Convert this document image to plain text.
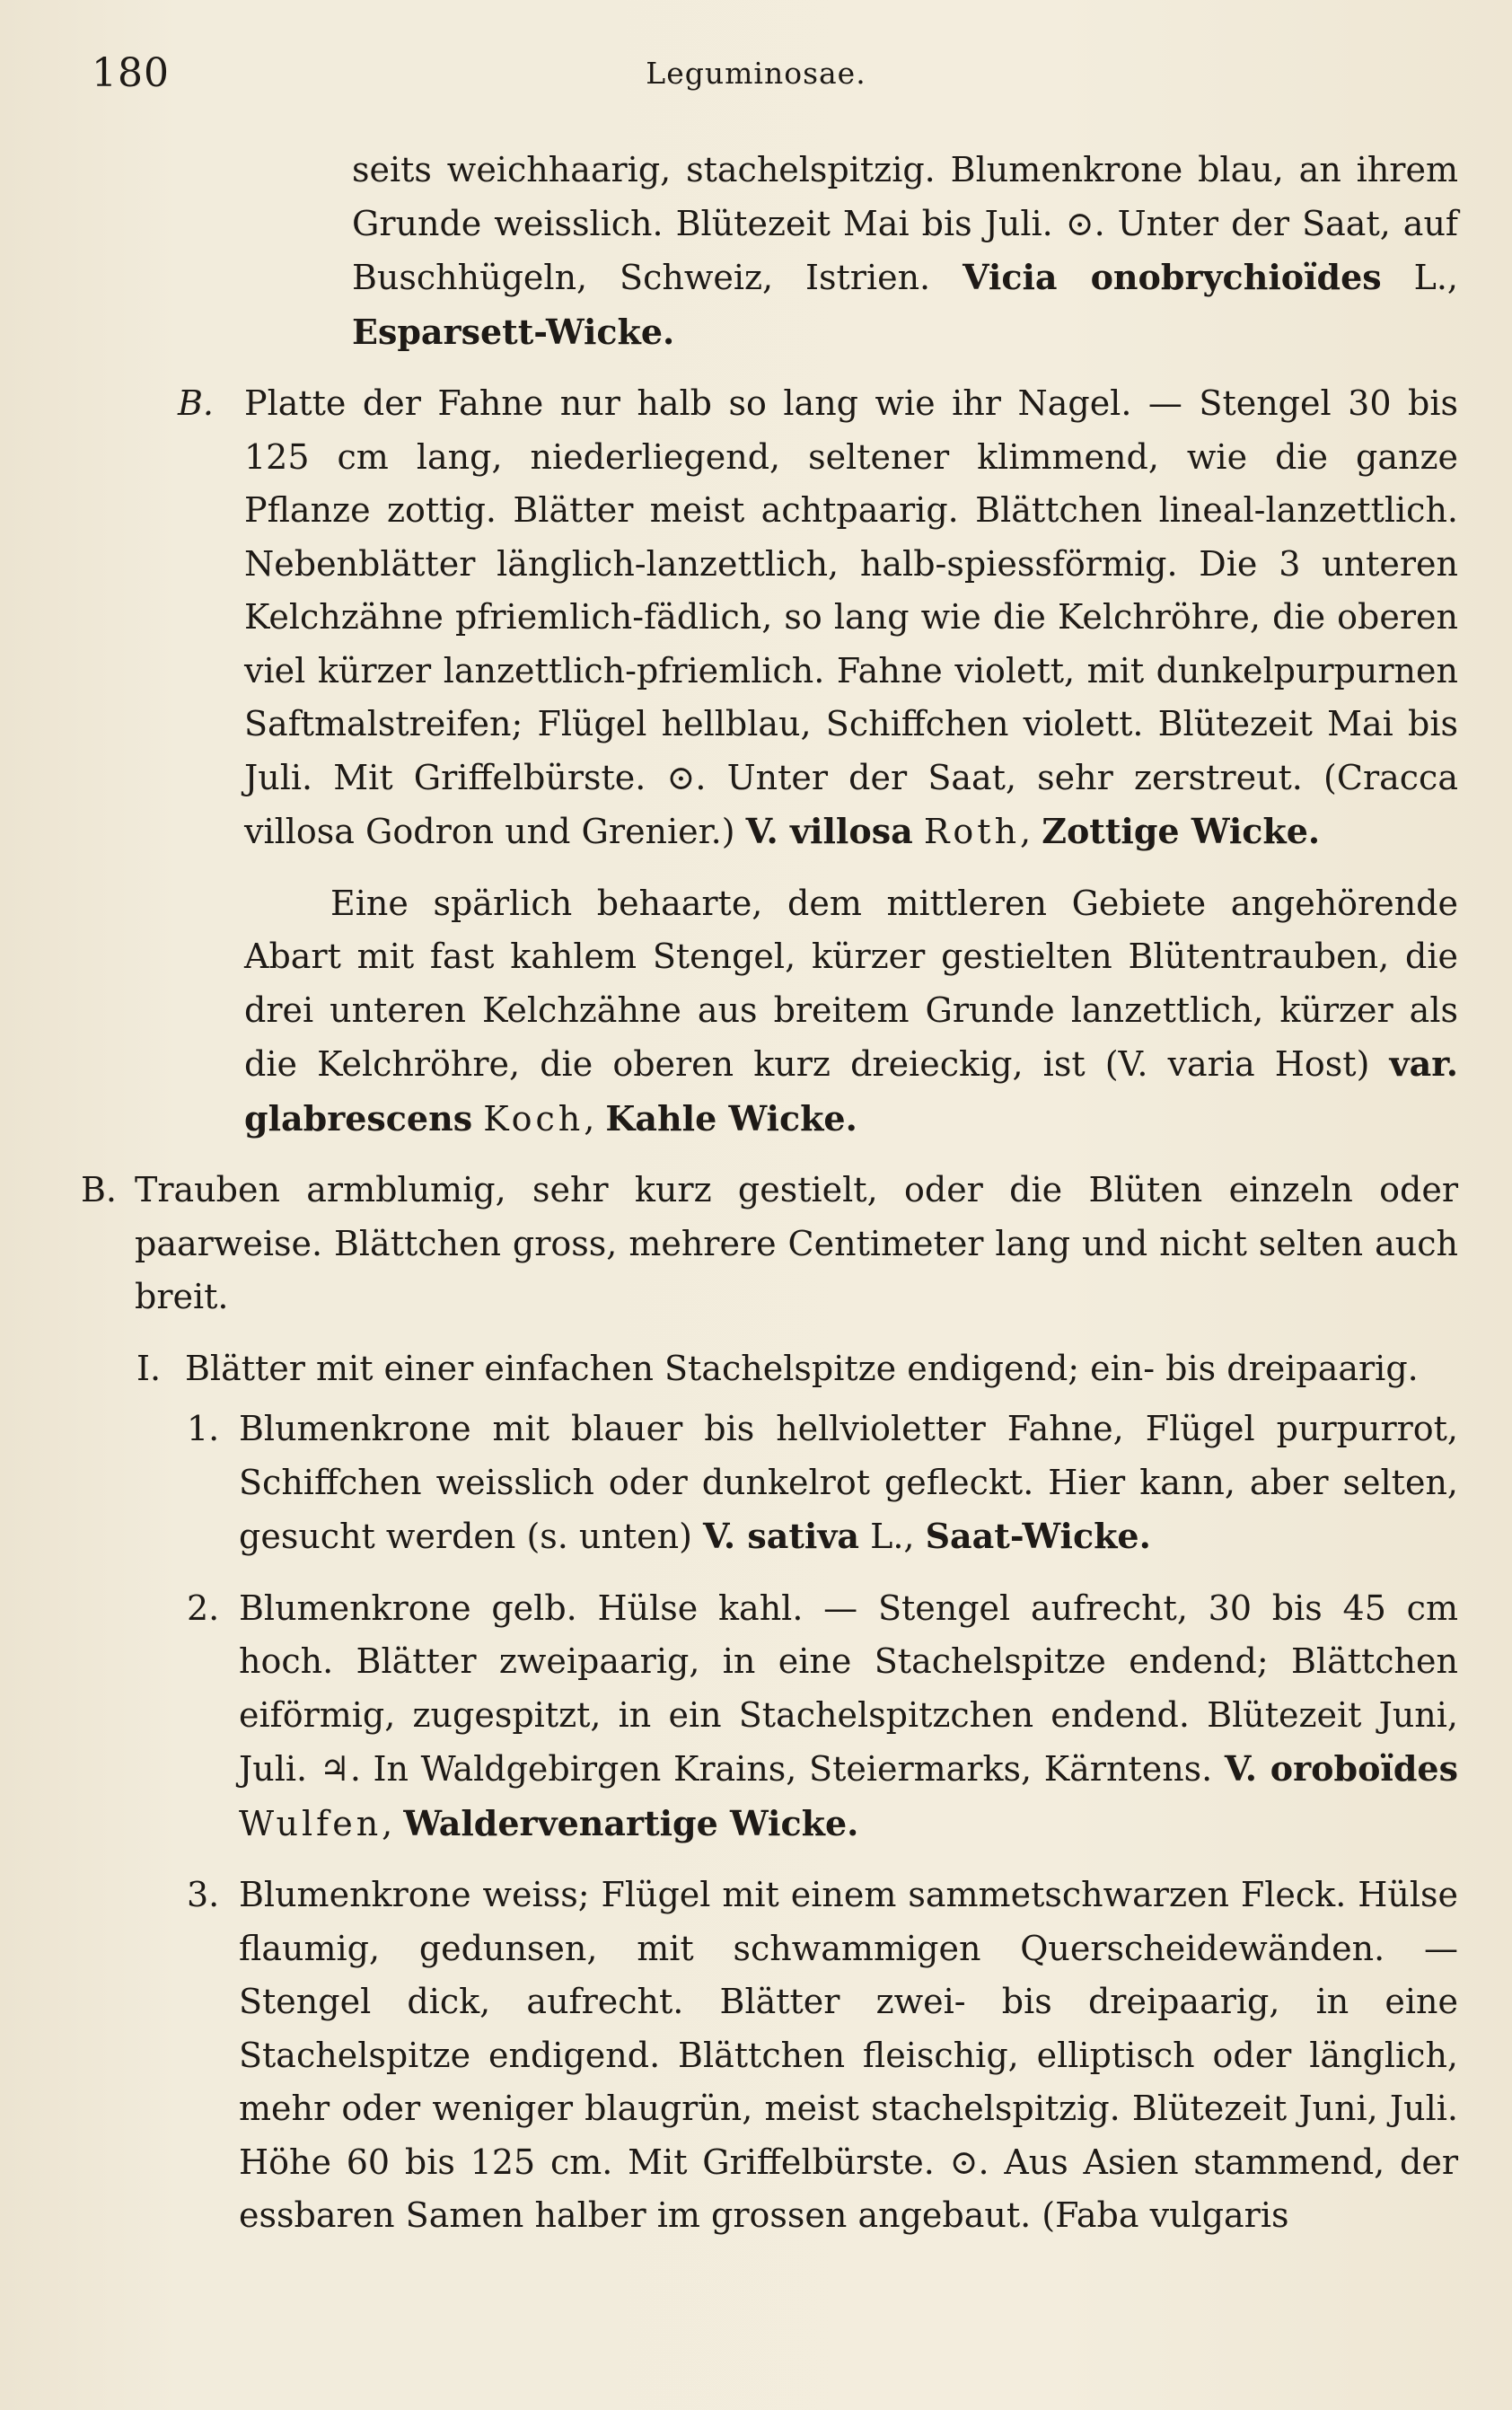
180	Leguminosae.

seits weichhaarig, stachelspitzig. Blumenkrone blau, an ihrem Grunde weisslich. Blütezeit Mai bis Juli. ⊙. Unter der Saat, auf Buschhügeln, Schweiz, Istrien. Vicia onobrychioïdes L., Esparsett-Wicke.

B. Platte der Fahne nur halb so lang wie ihr Nagel. — Stengel 30 bis 125 cm lang, niederliegend, seltener klimmend, wie die ganze Pflanze zottig. Blätter meist achtpaarig. Blättchen lineal-lanzettlich. Nebenblätter länglich-lanzettlich, halb-spiessförmig. Die 3 unteren Kelchzähne pfriemlich-fädlich, so lang wie die Kelchröhre, die oberen viel kürzer lanzettlich-pfriemlich. Fahne violett, mit dunkelpurpurnen Saftmalstreifen; Flügel hellblau, Schiffchen violett. Blütezeit Mai bis Juli. Mit Griffelbürste. ⊙. Unter der Saat, sehr zerstreut. (Cracca villosa Godron und Grenier.) V. villosa Roth, Zottige Wicke.

Eine spärlich behaarte, dem mittleren Gebiete angehörende Abart mit fast kahlem Stengel, kürzer gestielten Blütentrauben, die drei unteren Kelchzähne aus breitem Grunde lanzettlich, kürzer als die Kelchröhre, die oberen kurz dreieckig, ist (V. varia Host) var. glabrescens Koch, Kahle Wicke.

B. Trauben armblumig, sehr kurz gestielt, oder die Blüten einzeln oder paarweise. Blättchen gross, mehrere Centimeter lang und nicht selten auch breit.

I. Blätter mit einer einfachen Stachelspitze endigend; ein- bis dreipaarig.

1. Blumenkrone mit blauer bis hellvioletter Fahne, Flügel purpurrot, Schiffchen weisslich oder dunkelrot gefleckt. Hier kann, aber selten, gesucht werden (s. unten) V. sativa L., Saat-Wicke.

2. Blumenkrone gelb. Hülse kahl. — Stengel aufrecht, 30 bis 45 cm hoch. Blätter zweipaarig, in eine Stachelspitze endend; Blättchen eiförmig, zugespitzt, in ein Stachelspitzchen endend. Blütezeit Juni, Juli. ♃. In Waldgebirgen Krains, Steiermarks, Kärntens. V. oroboïdes Wulfen, Waldervenartige Wicke.

3. Blumenkrone weiss; Flügel mit einem sammetschwarzen Fleck. Hülse flaumig, gedunsen, mit schwammigen Querscheidewänden. — Stengel dick, aufrecht. Blätter zwei- bis dreipaarig, in eine Stachelspitze endigend. Blättchen fleischig, elliptisch oder länglich, mehr oder weniger blaugrün, meist stachelspitzig. Blütezeit Juni, Juli. Höhe 60 bis 125 cm. Mit Griffelbürste. ⊙. Aus Asien stammend, der essbaren Samen halber im grossen angebaut. (Faba vulgaris
